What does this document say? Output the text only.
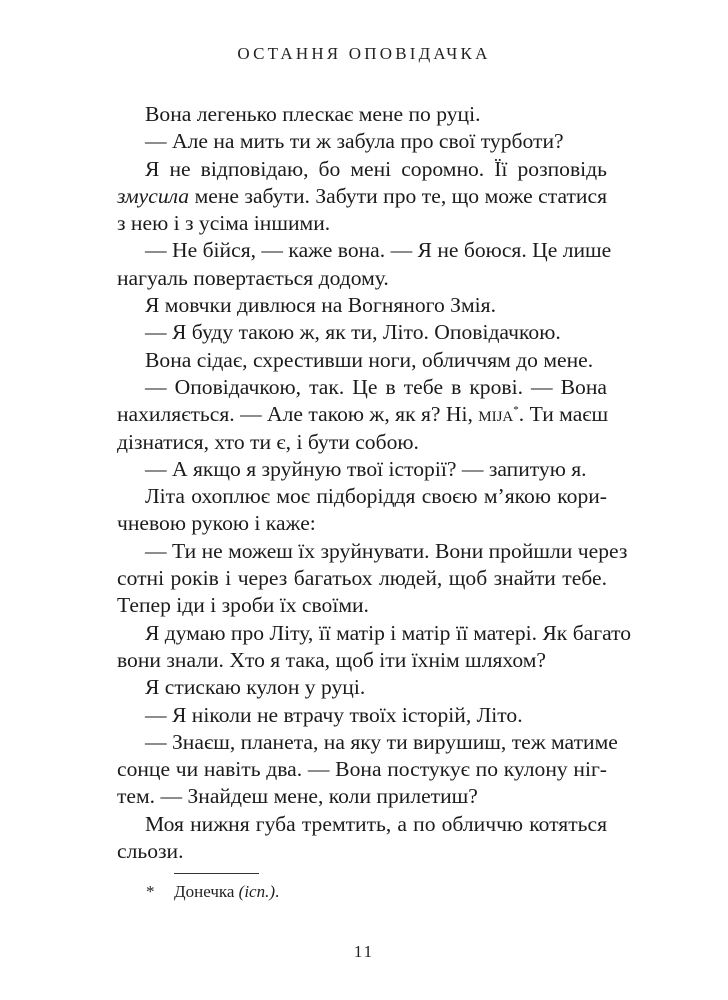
ОСТАННЯ ОПОВІДАЧКА
Вона легенько плескає мене по руці.
— Але на мить ти ж забула про свої турботи?
Я не відповідаю, бо мені соромно. Її розповідь
змусила мене забути. Забути про те, що може статися
з нею і з усіма іншими.
— Не бійся, — каже вона. — Я не боюся. Це лише
нагуаль повертається додому.
Я мовчки дивлюся на Вогняного Змія.
— Я буду такою ж, як ти, Літо. Оповідачкою.
Вона сідає, схрестивши ноги, обличчям до мене.
— Оповідачкою, так. Це в тебе в крові. — Вона
нахиляється. — Але такою ж, як я? Ні, mija*. Ти маєш
дізнатися, хто ти є, і бути собою.
— А якщо я зруйную твої історії? — запитую я.
Літа охоплює моє підборіддя своєю м’якою кори-
чневою рукою і каже:
— Ти не можеш їх зруйнувати. Вони пройшли через
сотні років і через багатьох людей, щоб знайти тебе.
Тепер іди і зроби їх своїми.
Я думаю про Літу, її матір і матір її матері. Як багато
вони знали. Хто я така, щоб іти їхнім шляхом?
Я стискаю кулон у руці.
— Я ніколи не втрачу твоїх історій, Літо.
— Знаєш, планета, на яку ти вирушиш, теж матиме
сонце чи навіть два. — Вона постукує по кулону ніг-
тем. — Знайдеш мене, коли прилетиш?
Моя нижня губа тремтить, а по обличчю котяться
сльози.
* Донечка (ісп.).
11
